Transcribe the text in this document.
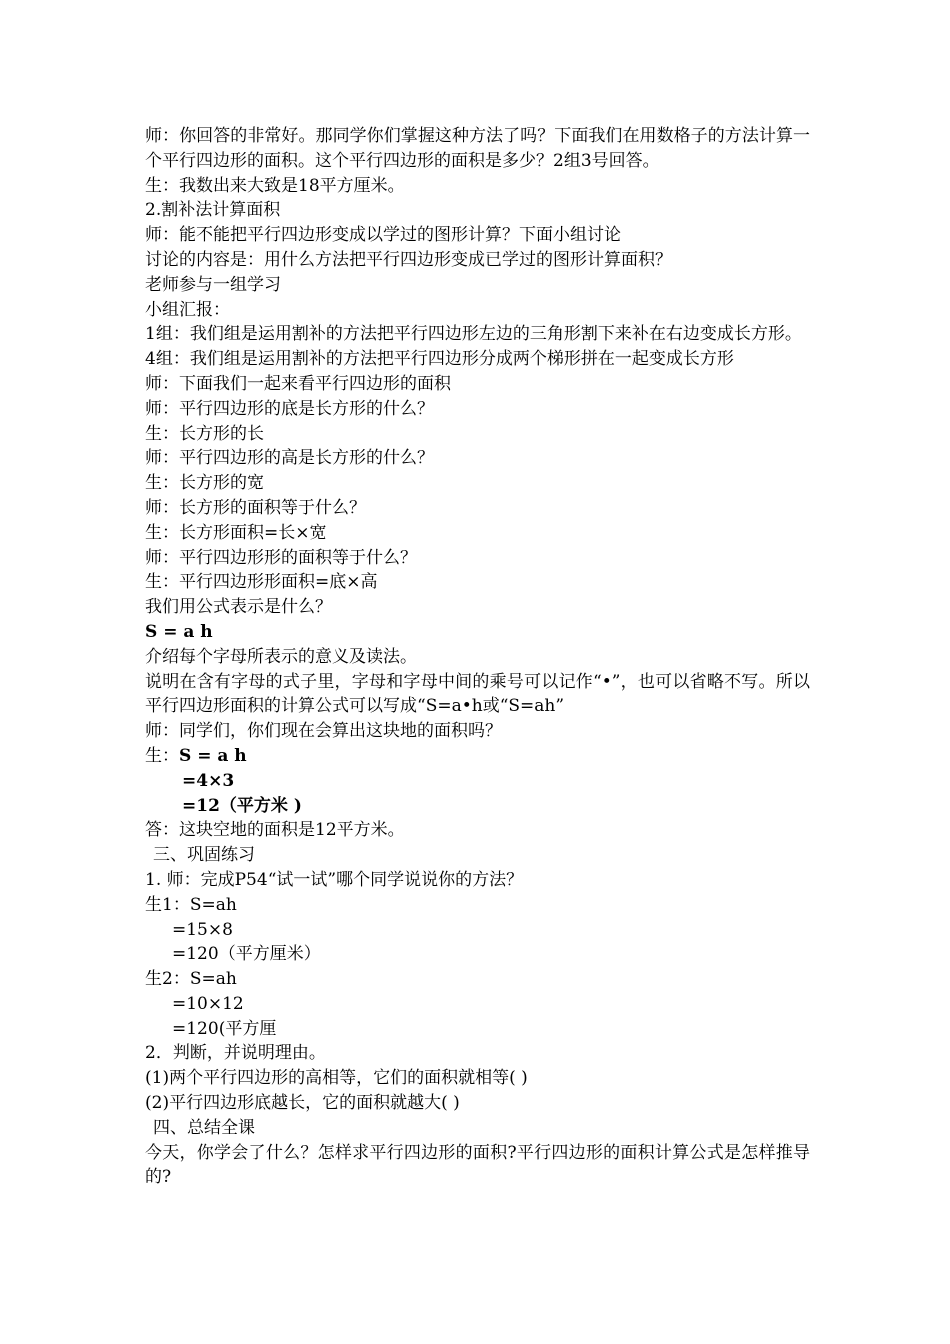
师：你回答的非常好。那同学你们掌握这种方法了吗？下面我们在用数格子的方法计算一个平行四边形的面积。这个平行四边形的面积是多少？2组3号回答。
生：我数出来大致是18平方厘米。
2.割补法计算面积
师：能不能把平行四边形变成以学过的图形计算？下面小组讨论
讨论的内容是：用什么方法把平行四边形变成已学过的图形计算面积？
老师参与一组学习
小组汇报：
1组：我们组是运用割补的方法把平行四边形左边的三角形割下来补在右边变成长方形。
4组：我们组是运用割补的方法把平行四边形分成两个梯形拼在一起变成长方形
师：下面我们一起来看平行四边形的面积
师：平行四边形的底是长方形的什么？
生：长方形的长
师：平行四边形的高是长方形的什么？
生：长方形的宽
师：长方形的面积等于什么？
生：长方形面积=长×宽
师：平行四边形形的面积等于什么？
生：平行四边形形面积=底×高
我们用公式表示是什么？
S = a h
介绍每个字母所表示的意义及读法。
说明在含有字母的式子里，字母和字母中间的乘号可以记作“•”，也可以省略不写。所以平行四边形面积的计算公式可以写成“S=a•h或“S=ah”
师：同学们，你们现在会算出这块地的面积吗？
生：S = a h
=4×3
=12（平方米 )
答：这块空地的面积是12平方米。
三、巩固练习
1. 师：完成P54“试一试”哪个同学说说你的方法？
生1：S=ah
=15×8
=120（平方厘米）
生2：S=ah
=10×12
=120(平方厘
2．判断，并说明理由。
(1)两个平行四边形的高相等，它们的面积就相等( )
(2)平行四边形底越长，它的面积就越大( )
四、总结全课
今天，你学会了什么？怎样求平行四边形的面积?平行四边形的面积计算公式是怎样推导的?
